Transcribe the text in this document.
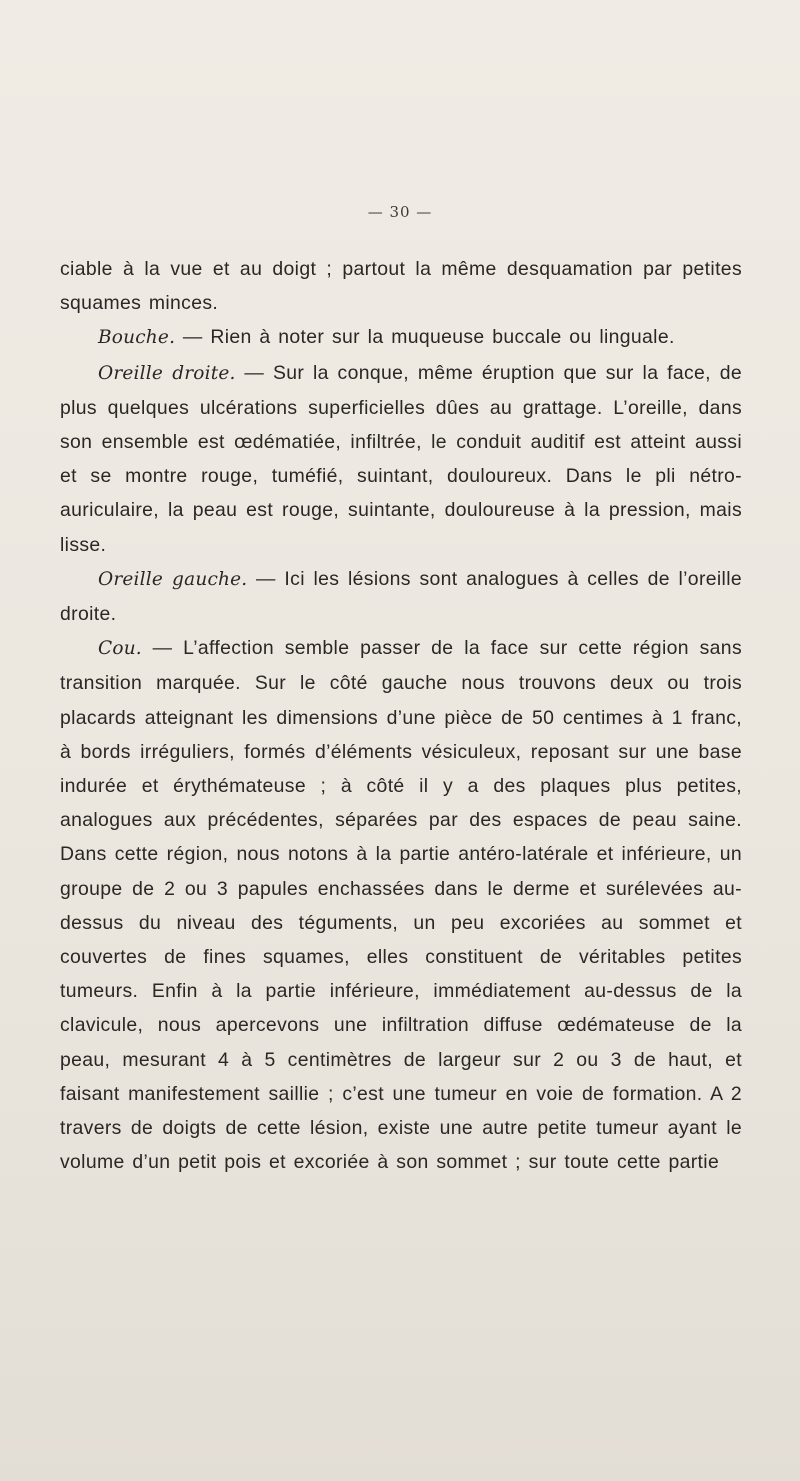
— 30 —

ciable à la vue et au doigt ; partout la même desquamation par petites squames minces.

Bouche. — Rien à noter sur la muqueuse buccale ou linguale.

Oreille droite. — Sur la conque, même éruption que sur la face, de plus quelques ulcérations superficielles dûes au grattage. L’oreille, dans son ensemble est œdématiée, infiltrée, le conduit auditif est atteint aussi et se montre rouge, tuméfié, suintant, douloureux. Dans le pli nétro-auriculaire, la peau est rouge, suintante, douloureuse à la pression, mais lisse.

Oreille gauche. — Ici les lésions sont analogues à celles de l’oreille droite.

Cou. — L’affection semble passer de la face sur cette région sans transition marquée. Sur le côté gauche nous trouvons deux ou trois placards atteignant les dimensions d’une pièce de 50 centimes à 1 franc, à bords irréguliers, formés d’éléments vésiculeux, reposant sur une base indurée et érythémateuse ; à côté il y a des plaques plus petites, analogues aux précédentes, séparées par des espaces de peau saine. Dans cette région, nous notons à la partie antéro-latérale et inférieure, un groupe de 2 ou 3 papules enchassées dans le derme et surélevées au-dessus du niveau des téguments, un peu excoriées au sommet et couvertes de fines squames, elles constituent de véritables petites tumeurs. Enfin à la partie inférieure, immédiatement au-dessus de la clavicule, nous apercevons une infiltration diffuse œdémateuse de la peau, mesurant 4 à 5 centimètres de largeur sur 2 ou 3 de haut, et faisant manifestement saillie ; c’est une tumeur en voie de formation. A 2 travers de doigts de cette lésion, existe une autre petite tumeur ayant le volume d’un petit pois et excoriée à son sommet ; sur toute cette partie
